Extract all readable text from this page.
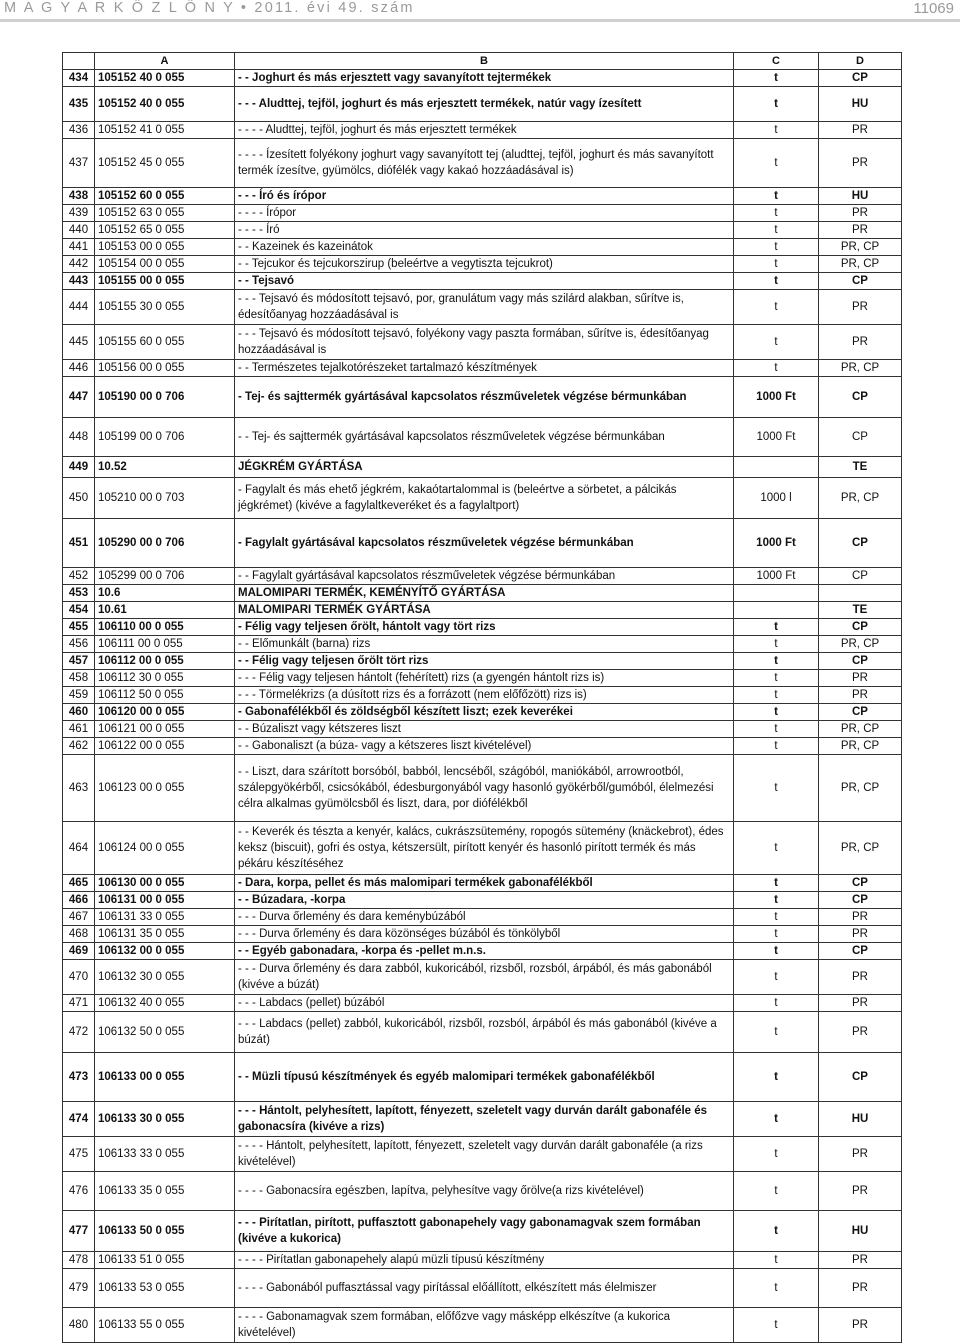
M A G Y A R K Ö Z L Ö N Y • 2011. évi 49. szám	11069
	A	B	C	D
434	105152 40 0 055	- - Joghurt és más erjesztett vagy savanyított tejtermékek	t	CP
435	105152 40 0 055	- - - Aludttej, tejföl, joghurt és más erjesztett termékek, natúr vagy ízesített	t	HU
436	105152 41 0 055	- - - - Aludttej, tejföl, joghurt és más erjesztett termékek	t	PR
437	105152 45 0 055	- - - - Ízesített folyékony joghurt vagy savanyított tej (aludttej, tejföl, joghurt és más savanyított termék ízesítve, gyümölcs, diófélék vagy kakaó hozzáadásával is)	t	PR
438	105152 60 0 055	- - - Író és írópor	t	HU
439	105152 63 0 055	- - - - Írópor	t	PR
440	105152 65 0 055	- - - - Író	t	PR
441	105153 00 0 055	- - Kazeinek és kazeinátok	t	PR, CP
442	105154 00 0 055	- - Tejcukor és tejcukorszirup (beleértve a vegytiszta tejcukrot)	t	PR, CP
443	105155 00 0 055	- - Tejsavó	t	CP
444	105155 30 0 055	- - - Tejsavó és módosított tejsavó, por, granulátum vagy más szilárd alakban, sűrítve is, édesítőanyag hozzáadásával is	t	PR
445	105155 60 0 055	- - - Tejsavó és módosított tejsavó, folyékony vagy paszta formában, sűrítve is, édesítőanyag hozzáadásával is	t	PR
446	105156 00 0 055	- - Természetes tejalkotórészeket tartalmazó készítmények	t	PR, CP
447	105190 00 0 706	- Tej- és sajttermék gyártásával kapcsolatos részműveletek végzése bérmunkában	1000 Ft	CP
448	105199 00 0 706	- - Tej- és sajttermék gyártásával kapcsolatos részműveletek végzése bérmunkában	1000 Ft	CP
449	10.52	JÉGKRÉM GYÁRTÁSA		TE
450	105210 00 0 703	- Fagylalt és más ehető jégkrém, kakaótartalommal is (beleértve a sörbetet, a pálcikás jégkrémet) (kivéve a fagylaltkeveréket és a fagylaltport)	1000 l	PR, CP
451	105290 00 0 706	- Fagylalt gyártásával kapcsolatos részműveletek végzése bérmunkában	1000 Ft	CP
452	105299 00 0 706	- - Fagylalt gyártásával kapcsolatos részműveletek végzése bérmunkában	1000 Ft	CP
453	10.6	MALOMIPARI TERMÉK, KEMÉNYÍTŐ GYÁRTÁSA		
454	10.61	MALOMIPARI TERMÉK GYÁRTÁSA		TE
455	106110 00 0 055	- Félig vagy teljesen őrölt, hántolt vagy tört rizs	t	CP
456	106111 00 0 055	- - Előmunkált (barna) rizs	t	PR, CP
457	106112 00 0 055	- - Félig vagy teljesen őrölt tört rizs	t	CP
458	106112 30 0 055	- - - Félig vagy teljesen hántolt (fehérített) rizs (a gyengén hántolt rizs is)	t	PR
459	106112 50 0 055	- - - Törmelékrizs (a dúsított rizs és a forrázott (nem előfőzött) rizs is)	t	PR
460	106120 00 0 055	- Gabonafélékből és zöldségből készített liszt; ezek keverékei	t	CP
461	106121 00 0 055	- - Búzaliszt vagy kétszeres liszt	t	PR, CP
462	106122 00 0 055	- - Gabonaliszt (a búza- vagy a kétszeres liszt kivételével)	t	PR, CP
463	106123 00 0 055	- - Liszt, dara szárított borsóból, babból, lencséből, szágóból, maniókából, arrowrootból, szálepgyökérből, csicsókából, édesburgonyából vagy hasonló gyökérből/gumóból, élelmezési célra alkalmas gyümölcsből és liszt, dara, por diófélékből	t	PR, CP
464	106124 00 0 055	- - Keverék és tészta a kenyér, kalács, cukrászsütemény, ropogós sütemény (knäckebrot), édes keksz (biscuit), gofri és ostya, kétszersült, pirított kenyér és hasonló pirított termék és más pékáru készítéséhez	t	PR, CP
465	106130 00 0 055	- Dara, korpa, pellet és más malomipari termékek gabonafélékből	t	CP
466	106131 00 0 055	- - Búzadara, -korpa	t	CP
467	106131 33 0 055	- - - Durva őrlemény és dara keménybúzából	t	PR
468	106131 35 0 055	- - - Durva őrlemény és dara közönséges búzából és tönkölyből	t	PR
469	106132 00 0 055	- - Egyéb gabonadara, -korpa és -pellet m.n.s.	t	CP
470	106132 30 0 055	- - - Durva őrlemény és dara zabból, kukoricából, rizsből, rozsból, árpából, és más gabonából (kivéve a búzát)	t	PR
471	106132 40 0 055	- - - Labdacs (pellet) búzából	t	PR
472	106132 50 0 055	- - - Labdacs (pellet) zabból, kukoricából, rizsből, rozsból, árpából és más gabonából (kivéve a búzát)	t	PR
473	106133 00 0 055	- - Müzli típusú készítmények és egyéb malomipari termékek gabonafélékből	t	CP
474	106133 30 0 055	- - - Hántolt, pelyhesített, lapított, fényezett, szeletelt vagy durván darált gabonaféle és gabonacsíra (kivéve a rizs)	t	HU
475	106133 33 0 055	- - - - Hántolt, pelyhesített, lapított, fényezett, szeletelt vagy durván darált gabonaféle (a rizs kivételével)	t	PR
476	106133 35 0 055	- - - - Gabonacsíra egészben, lapítva, pelyhesítve vagy őrölve(a rizs kivételével)	t	PR
477	106133 50 0 055	- - - Pirítatlan, pirított, puffasztott gabonapehely vagy gabonamagvak szem formában (kivéve a kukorica)	t	HU
478	106133 51 0 055	- - - - Pirítatlan gabonapehely alapú müzli típusú készítmény	t	PR
479	106133 53 0 055	- - - - Gabonából puffasztással vagy pirítással előállított, elkészített más élelmiszer	t	PR
480	106133 55 0 055	- - - - Gabonamagvak szem formában, előfőzve vagy másképp elkészítve (a kukorica kivételével)	t	PR
